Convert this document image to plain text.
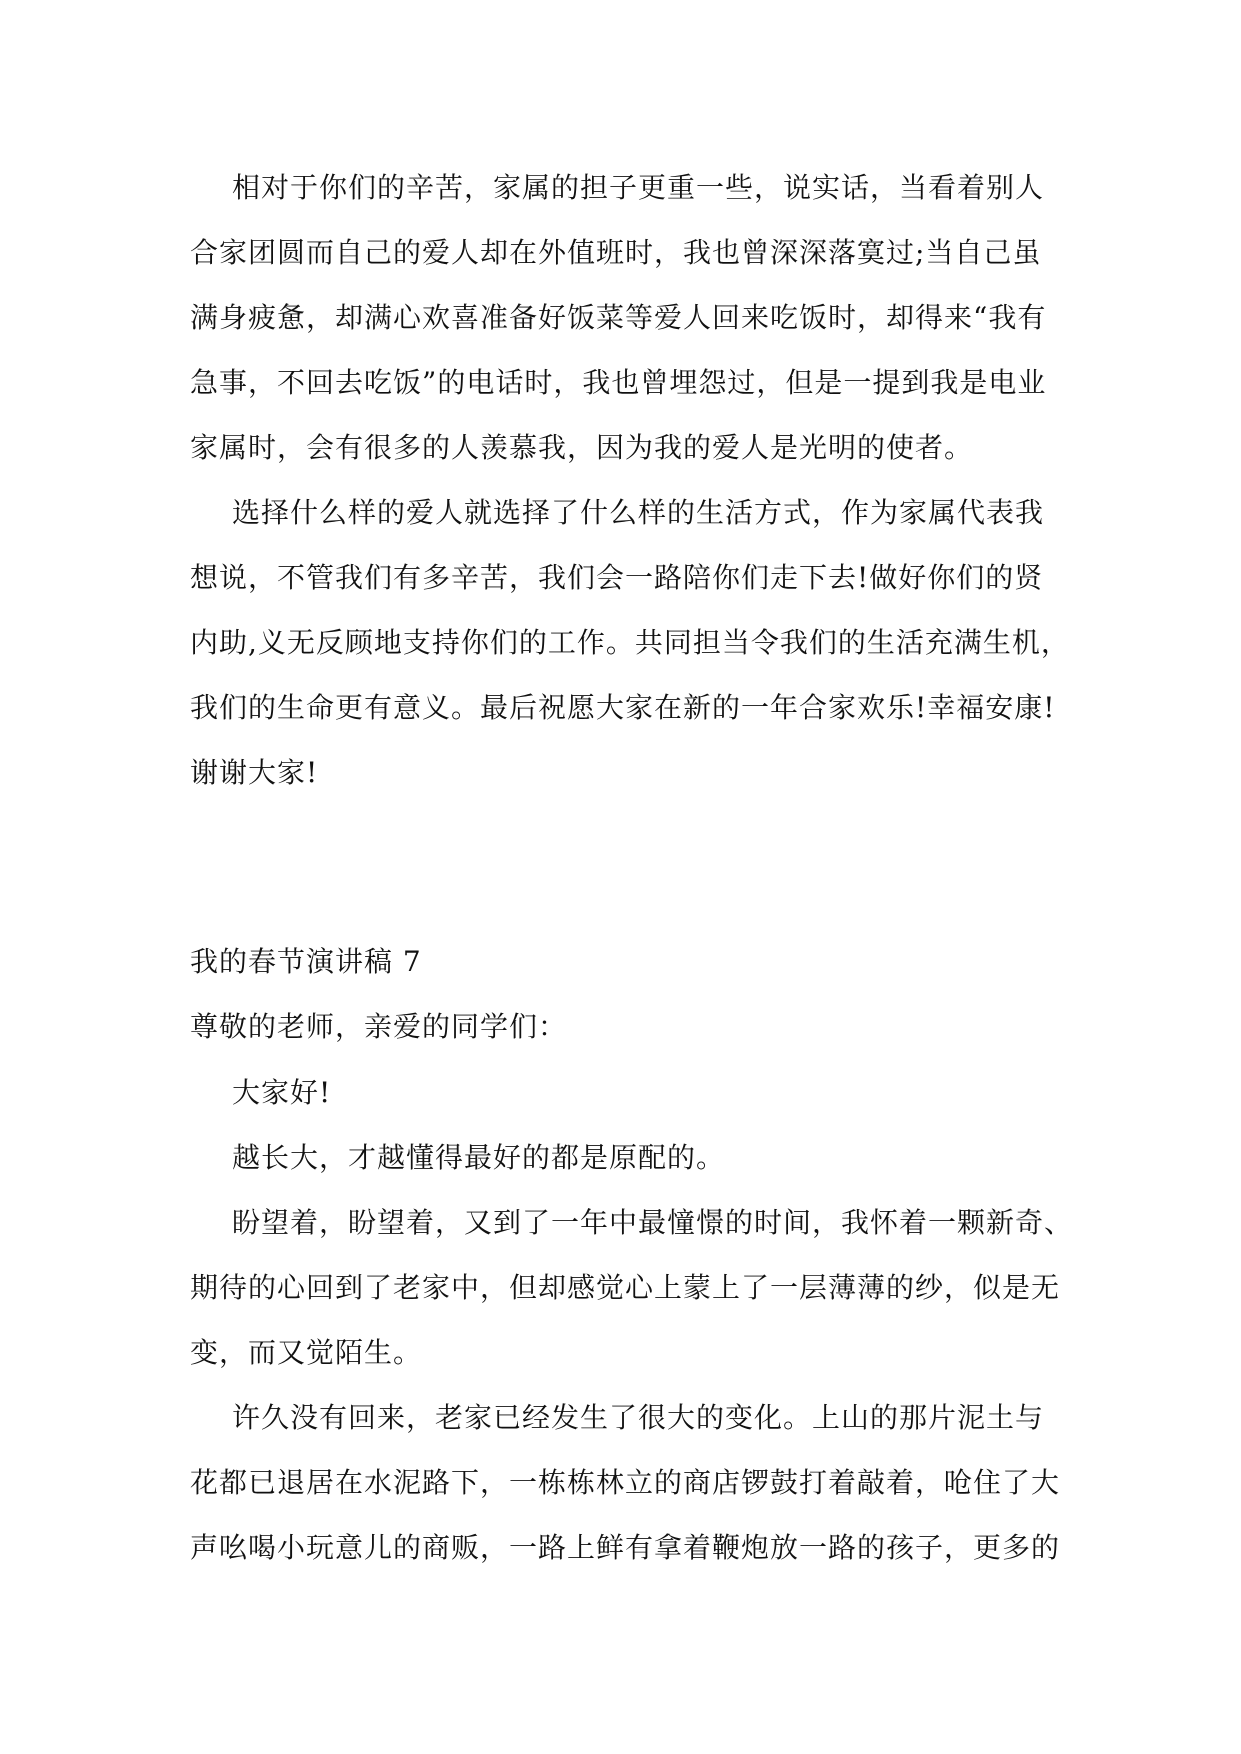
相对于你们的辛苦，家属的担子更重一些，说实话，当看着别人
合家团圆而自己的爱人却在外值班时，我也曾深深落寞过;当自己虽
满身疲惫，却满心欢喜准备好饭菜等爱人回来吃饭时，却得来“我有
急事，不回去吃饭”的电话时，我也曾埋怨过，但是一提到我是电业
家属时，会有很多的人羡慕我，因为我的爱人是光明的使者。
选择什么样的爱人就选择了什么样的生活方式，作为家属代表我
想说，不管我们有多辛苦，我们会一路陪你们走下去!做好你们的贤
内助,义无反顾地支持你们的工作。共同担当令我们的生活充满生机，
我们的生命更有意义。最后祝愿大家在新的一年合家欢乐!幸福安康!
谢谢大家!
我的春节演讲稿 7
尊敬的老师，亲爱的同学们：
大家好!
越长大，才越懂得最好的都是原配的。
盼望着，盼望着，又到了一年中最憧憬的时间，我怀着一颗新奇、
期待的心回到了老家中，但却感觉心上蒙上了一层薄薄的纱，似是无
变，而又觉陌生。
许久没有回来，老家已经发生了很大的变化。上山的那片泥土与
花都已退居在水泥路下，一栋栋林立的商店锣鼓打着敲着，呛住了大
声吆喝小玩意儿的商贩，一路上鲜有拿着鞭炮放一路的孩子，更多的
